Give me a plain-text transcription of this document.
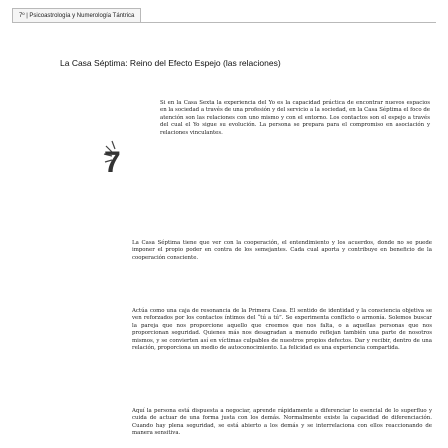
7º | Psicoastrología y Numerología Tántrica
La Casa Séptima: Reino del Efecto Espejo (las relaciones)
7
Si en la Casa Sexta la experiencia del Yo es la capacidad práctica de encontrar nuevos espacios en la sociedad a través de una profesión y del servicio a la sociedad, en la Casa Séptima el foco de atención son las relaciones con uno mismo y con el entorno. Los contactos son el espejo a través del cual el Yo sigue su evolución. La persona se prepara para el compromiso en asociación y relaciones vinculantes.
La Casa Séptima tiene que ver con la cooperación, el entendimiento y los acuerdos, donde no se puede imponer el propio poder en contra de los semejantes. Cada cual aporta y contribuye en beneficio de la cooperación consciente.
Actúa como una caja de resonancia de la Primera Casa. El sentido de identidad y la consciencia objetiva se ven reforzados por los contactos íntimos del “tú a tú”. Se experimenta conflicto o armonía. Solemos buscar la pareja que nos proporcione aquello que creemos que nos falta, o a aquellas personas que nos proporcionan seguridad. Quienes más nos desagradan a menudo reflejan también una parte de nosotros mismos, y se convierten así en víctimas culpables de nuestros propios defectos. Dar y recibir, dentro de una relación, proporciona un medio de autoconocimiento. La felicidad es una experiencia compartida.
Aquí la persona está dispuesta a negociar, aprende rápidamente a diferenciar lo esencial de lo superfluo y cuida de actuar de una forma justa con los demás. Normalmente existe la capacidad de diferenciación. Cuando hay plena seguridad, se está abierto a los demás y se interrelaciona con ellos reaccionando de manera sensitiva.
